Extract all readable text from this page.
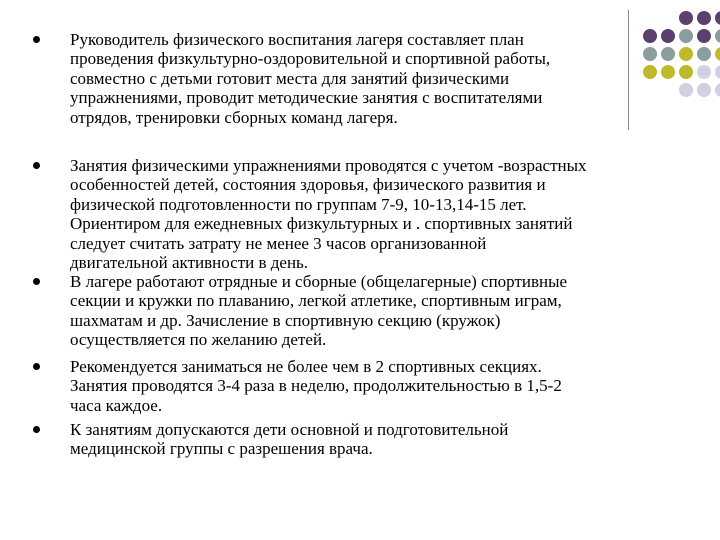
Руководитель физического воспитания лагеря составляет план
проведения физкультурно-оздоровительной и спортивной работы,
совместно с детьми готовит места для занятий физическими
упражнениями, проводит методические занятия с воспитателями
отрядов, тренировки сборных команд лагеря.
Занятия физическими упражнениями проводятся с учетом -возрастных
особенностей детей, состояния здоровья, физического развития и
физической подготовленности по группам 7-9, 10-13,14-15 лет.
Ориентиром для ежедневных физкультурных и . спортивных занятий
следует считать затрату не менее 3 часов организованной
двигательной активности в день.
В лагере работают отрядные и сборные (общелагерные) спортивные
секции и кружки по плаванию, легкой атлетике, спортивным играм,
шахматам и др. Зачисление в спортивную секцию (кружок)
осуществляется по желанию детей.
Рекомендуется заниматься не более чем в 2 спортивных секциях.
Занятия проводятся 3-4 раза в неделю, продолжительностью в 1,5-2
часа каждое.
К занятиям допускаются дети основной и подготовительной
медицинской группы с разрешения врача.
